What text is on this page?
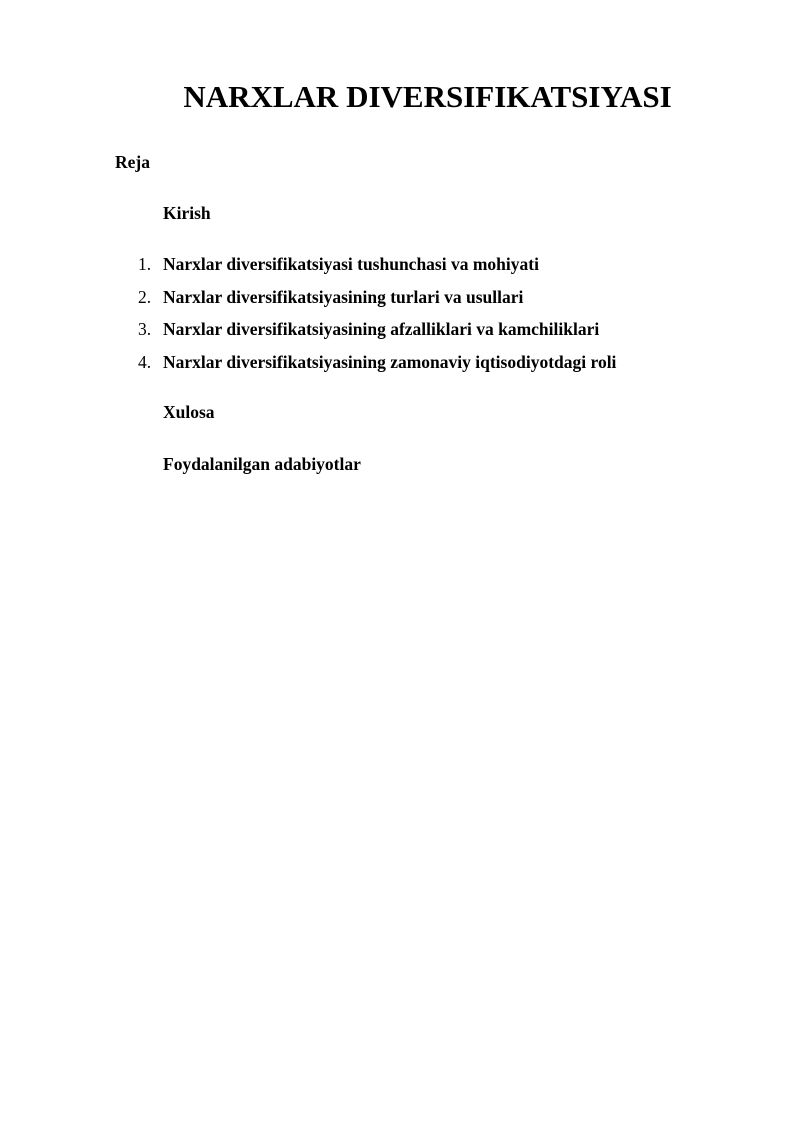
NARXLAR DIVERSIFIKATSIYASI

Reja

Kirish

1. Narxlar diversifikatsiyasi tushunchasi va mohiyati
2. Narxlar diversifikatsiyasining turlari va usullari
3. Narxlar diversifikatsiyasining afzalliklari va kamchiliklari
4. Narxlar diversifikatsiyasining zamonaviy iqtisodiyotdagi roli

Xulosa

Foydalanilgan adabiyotlar
